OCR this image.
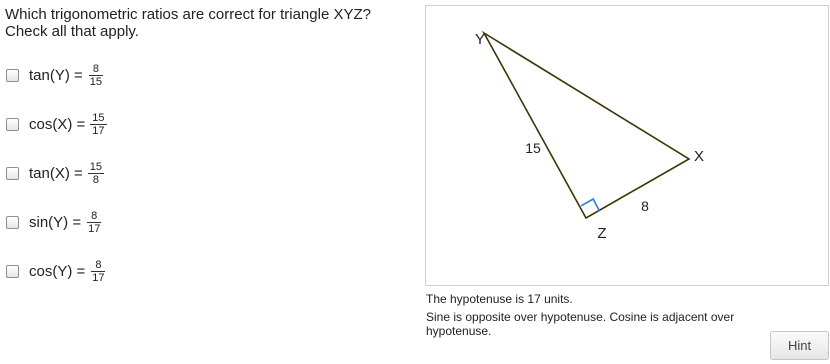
Which trigonometric ratios are correct for triangle XYZ?
Check all that apply.
$\tan(Y) = \frac{8}{15}$
$\cos(X) = \frac{15}{17}$
$\tan(X) = \frac{15}{8}$
$\sin(Y) = \frac{8}{17}$
$\cos(Y) = \frac{8}{17}$
Y
X
Z
15
8
The hypotenuse is 17 units.
Sine is opposite over hypotenuse. Cosine is adjacent over hypotenuse.
Hint
